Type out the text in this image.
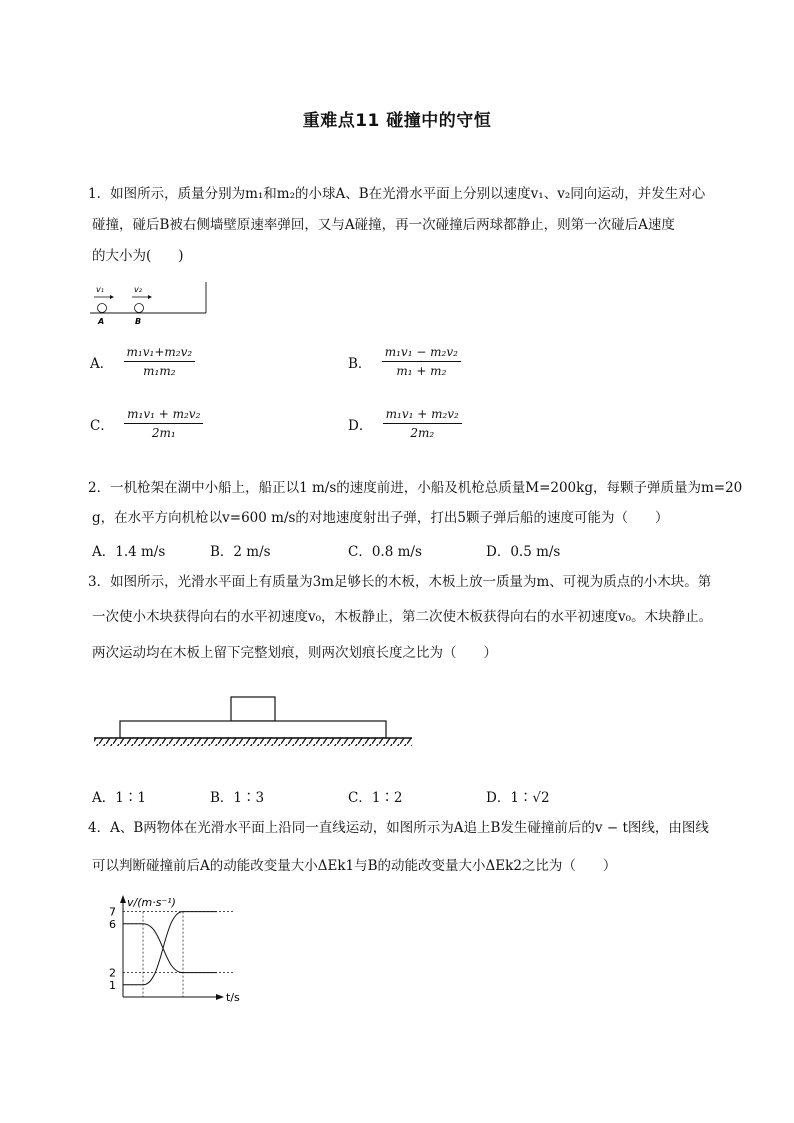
重难点11 碰撞中的守恒
1．如图所示，质量分别为m₁和m₂的小球A、B在光滑水平面上分别以速度v₁、v₂同向运动，并发生对心
碰撞，碰后B被右侧墙壁原速率弹回，又与A碰撞，再一次碰撞后两球都静止，则第一次碰后A速度
的大小为(　　)
v₁	v₂
A	B
A． $\frac{\text{m₁v₁+m₂v₂}}{\text{m₁m₂}}$	B． $\frac{\text{m₁v₁ − m₂v₂}}{\text{m₁ + m₂}}$
C． $\frac{\text{m₁v₁ + m₂v₂}}{\text{2m₁}}$	D． $\frac{\text{m₁v₁ + m₂v₂}}{\text{2m₂}}$
2．一机枪架在湖中小船上，船正以1 m/s的速度前进，小船及机枪总质量M=200kg，每颗子弹质量为m=20
g，在水平方向机枪以v=600 m/s的对地速度射出子弹，打出5颗子弹后船的速度可能为（　　）
A．1.4 m/s	B．2 m/s	C．0.8 m/s	D．0.5 m/s
3．如图所示，光滑水平面上有质量为3m足够长的木板，木板上放一质量为m、可视为质点的小木块。第
一次使小木块获得向右的水平初速度v₀，木板静止，第二次使木板获得向右的水平初速度v₀。木块静止。
两次运动均在木板上留下完整划痕，则两次划痕长度之比为（　　）
A．1∶1	B．1∶3	C．1∶2	D．1∶√2
4．A、B两物体在光滑水平面上沿同一直线运动，如图所示为A追上B发生碰撞前后的v − t图线，由图线
可以判断碰撞前后A的动能改变量大小ΔEk1与B的动能改变量大小ΔEk2之比为（　　）
v/(m·s⁻¹)
t/s
1
2
6
7
